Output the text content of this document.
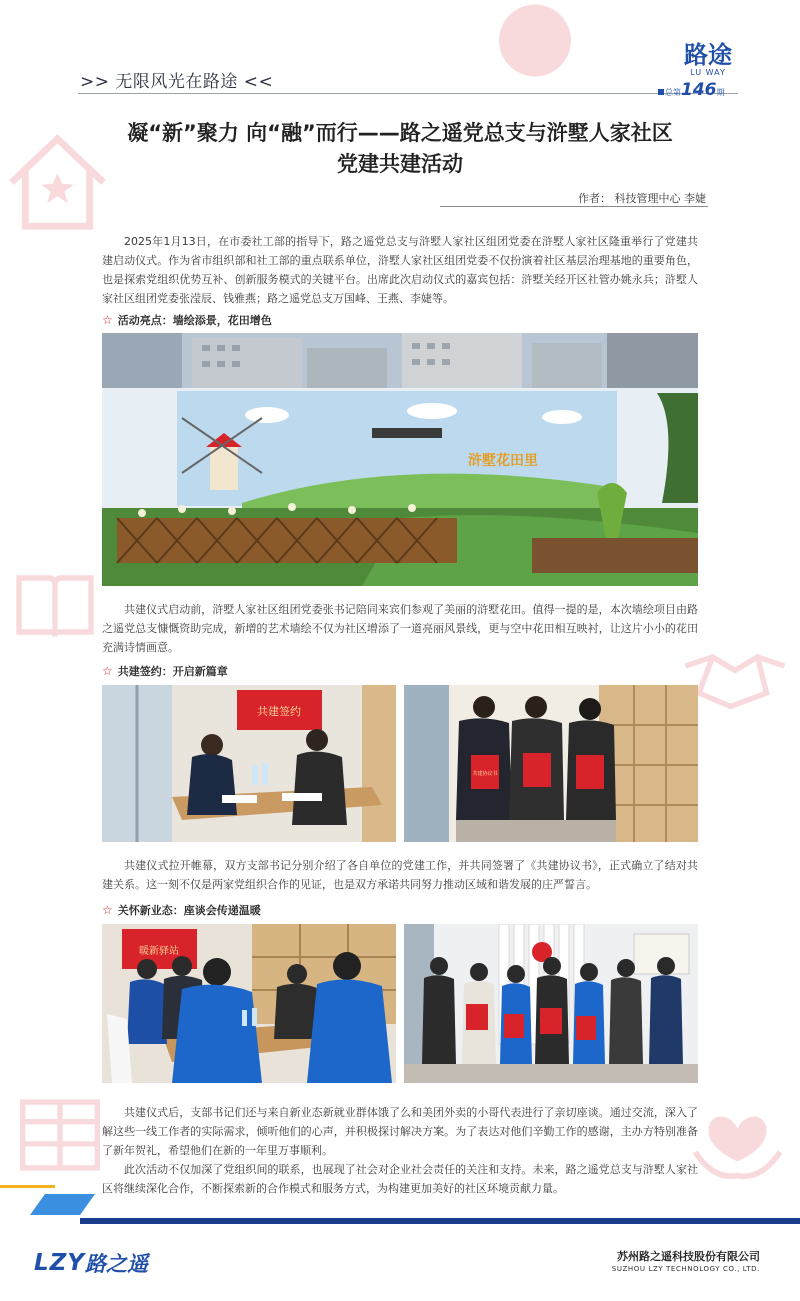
>> 无限风光在路途 <<
路途
LU WAY
总第146期
凝“新”聚力 向“融”而行——路之遥党总支与浒墅人家社区
党建共建活动
作者： 科技管理中心 李婕

2025年1月13日，在市委社工部的指导下，路之遥党总支与浒墅人家社区组团党委在浒墅人家社区隆重举行了党建共建启动仪式。作为省市组织部和社工部的重点联系单位，浒墅人家社区组团党委不仅扮演着社区基层治理基地的重要角色，也是探索党组织优势互补、创新服务模式的关键平台。出席此次启动仪式的嘉宾包括：浒墅关经开区社管办姚永兵；浒墅人家社区组团党委张滢辰、钱雅燕；路之遥党总支万国峰、王燕、李婕等。

☆ 活动亮点：墙绘添景，花田增色
浒墅花田里

共建仪式启动前，浒墅人家社区组团党委张书记陪同来宾们参观了美丽的浒墅花田。值得一提的是，本次墙绘项目由路之遥党总支慷慨资助完成，新增的艺术墙绘不仅为社区增添了一道亮丽风景线，更与空中花田相互映衬，让这片小小的花田充满诗情画意。

☆ 共建签约：开启新篇章
共建签约
共建协议书

共建仪式拉开帷幕，双方支部书记分别介绍了各自单位的党建工作，并共同签署了《共建协议书》，正式确立了结对共建关系。这一刻不仅是两家党组织合作的见证，也是双方承诺共同努力推动区域和谐发展的庄严誓言。

☆ 关怀新业态：座谈会传递温暖
暖新驿站

共建仪式后，支部书记们还与来自新业态新就业群体饿了么和美团外卖的小哥代表进行了亲切座谈。通过交流，深入了解这些一线工作者的实际需求，倾听他们的心声，并积极探讨解决方案。为了表达对他们辛勤工作的感谢，主办方特别准备了新年贺礼，希望他们在新的一年里万事顺利。

此次活动不仅加深了党组织间的联系，也展现了社会对企业社会责任的关注和支持。未来，路之遥党总支与浒墅人家社区将继续深化合作，不断探索新的合作模式和服务方式，为构建更加美好的社区环境贡献力量。

LZY 路之遥	苏州路之遥科技股份有限公司
SUZHOU LZY TECHNOLOGY CO., LTD.
